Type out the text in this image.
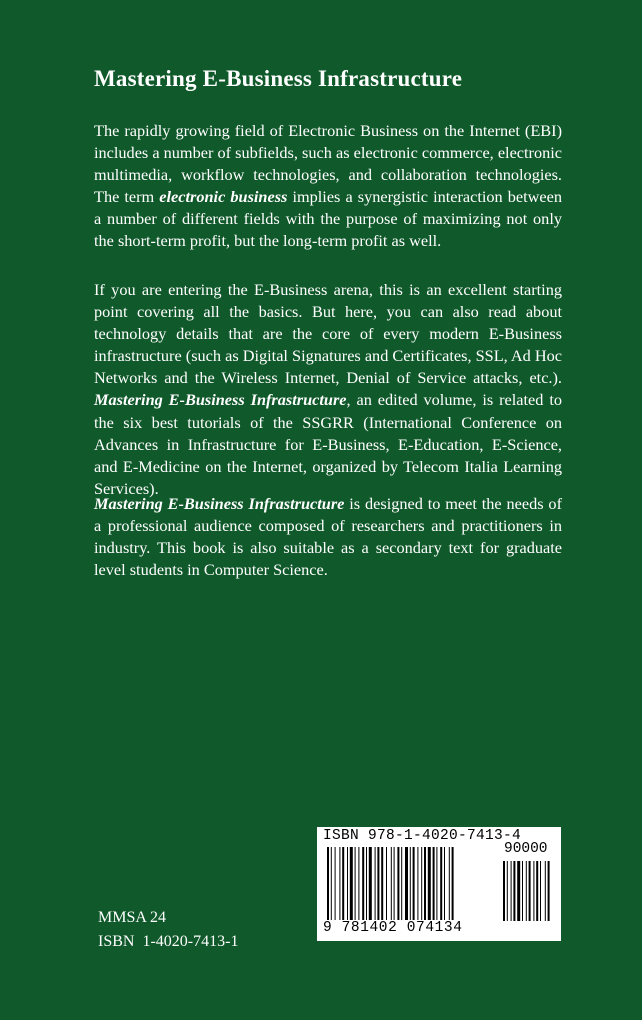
Mastering E-Business Infrastructure
The rapidly growing field of Electronic Business on the Internet (EBI) includes a number of subfields, such as electronic commerce, electronic multimedia, workflow technologies, and collaboration technologies. The term electronic business implies a synergistic interaction between a number of different fields with the purpose of maximizing not only the short-term profit, but the long-term profit as well.
If you are entering the E-Business arena, this is an excellent starting point covering all the basics. But here, you can also read about technology details that are the core of every modern E-Business infrastructure (such as Digital Signatures and Certificates, SSL, Ad Hoc Networks and the Wireless Internet, Denial of Service attacks, etc.). Mastering E-Business Infrastructure, an edited volume, is related to the six best tutorials of the SSGRR (International Conference on Advances in Infrastructure for E-Business, E-Education, E-Science, and E-Medicine on the Internet, organized by Telecom Italia Learning Services).
Mastering E-Business Infrastructure is designed to meet the needs of a professional audience composed of researchers and practitioners in industry. This book is also suitable as a secondary text for graduate level students in Computer Science.
MMSA 24
ISBN  1-4020-7413-1
ISBN 978-1-4020-7413-4
90000
9 781402 074134
